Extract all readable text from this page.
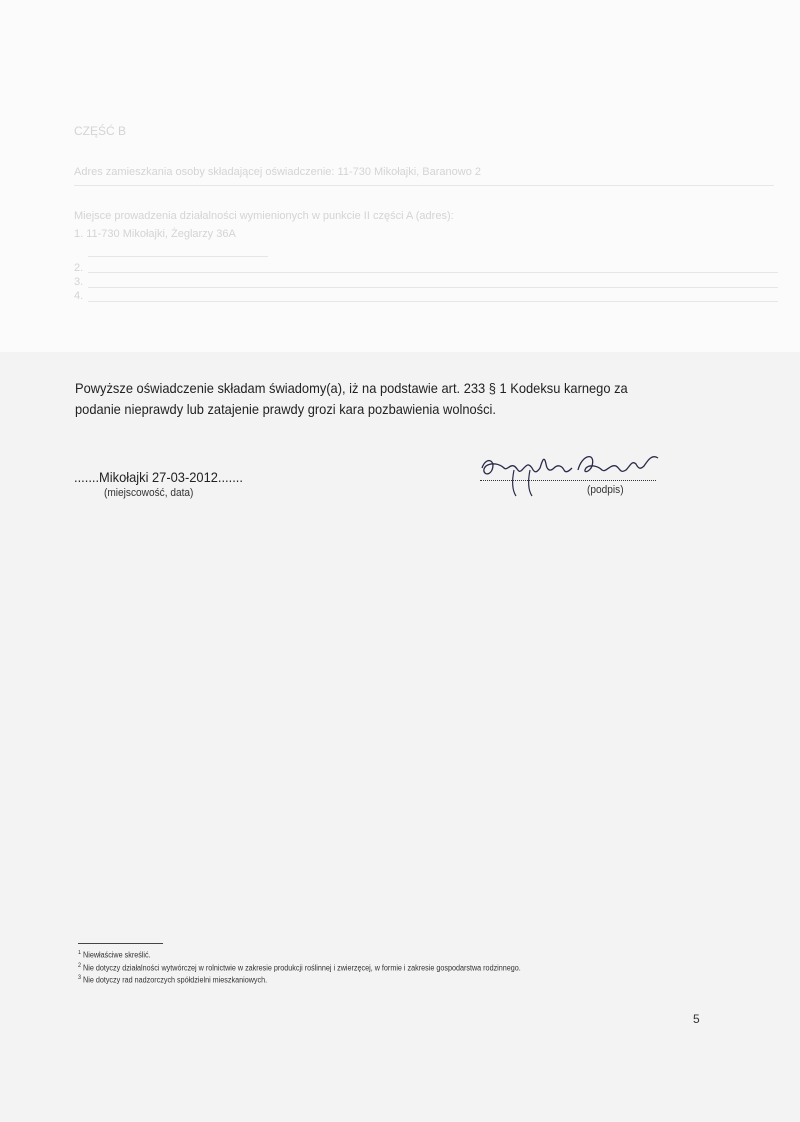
CZĘŚĆ B
Adres zamieszkania osoby składającej oświadczenie: 11-730 Mikołajki, Baranowo 2
Miejsce prowadzenia działalności wymienionych w punkcie II części A (adres):
1. 11-730 Mikołajki, Żeglarzy 36A
2.
3.
4.
Powyższe oświadczenie składam świadomy(a), iż na podstawie art. 233 § 1 Kodeksu karnego za podanie nieprawdy lub zatajenie prawdy grozi kara pozbawienia wolności.
.......Mikołajki 27-03-2012.......
(miejscowość, data)	(podpis)
$^1$ Niewłaściwe skreślić.
$^2$ Nie dotyczy działalności wytwórczej w rolnictwie w zakresie produkcji roślinnej i zwierzęcej, w formie i zakresie gospodarstwa rodzinnego.
$^3$ Nie dotyczy rad nadzorczych spółdzielni mieszkaniowych.
5
